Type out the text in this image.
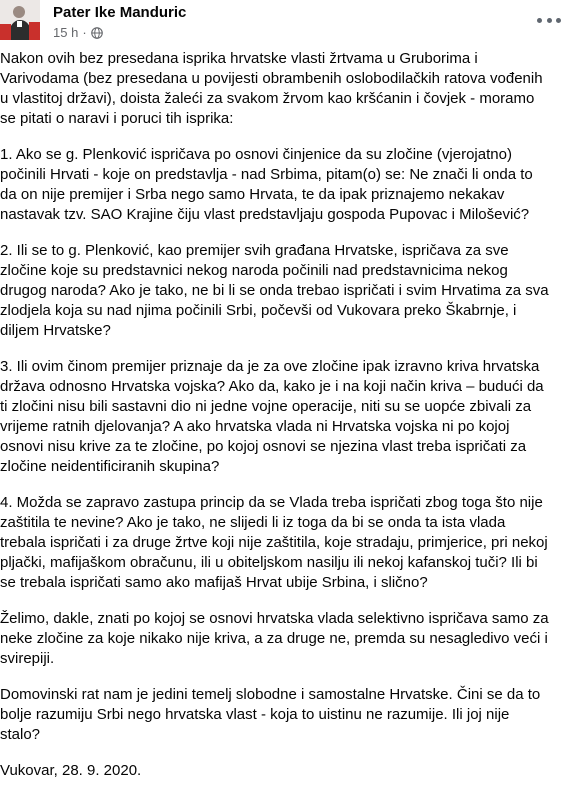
Pater Ike Manduric
15 h ·

Nakon ovih bez presedana isprika hrvatske vlasti žrtvama u Gruborima i Varivodama (bez presedana u povijesti obrambenih oslobodilačkih ratova vođenih u vlastitoj državi), doista žaleći za svakom žrvom kao kršćanin i čovjek - moramo se pitati o naravi i poruci tih isprika:

1. Ako se g. Plenković ispričava po osnovi činjenice da su zločine (vjerojatno) počinili Hrvati - koje on predstavlja - nad Srbima, pitam(o) se: Ne znači li onda to da on nije premijer i Srba nego samo Hrvata, te da ipak priznajemo nekakav nastavak tzv. SAO Krajine čiju vlast predstavljaju gospoda Pupovac i Milošević?

2. Ili se to g. Plenković, kao premijer svih građana Hrvatske, ispričava za sve zločine koje su predstavnici nekog naroda počinili nad predstavnicima nekog drugog naroda? Ako je tako, ne bi li se onda trebao ispričati i svim Hrvatima za sva zlodjela koja su nad njima počinili Srbi, počevši od Vukovara preko Škabrnje, i diljem Hrvatske?

3. Ili ovim činom premijer priznaje da je za ove zločine ipak izravno kriva hrvatska država odnosno Hrvatska vojska? Ako da, kako je i na koji način kriva – budući da ti zločini nisu bili sastavni dio ni jedne vojne operacije, niti su se uopće zbivali za vrijeme ratnih djelovanja? A ako hrvatska vlada ni Hrvatska vojska ni po kojoj osnovi nisu krive za te zločine, po kojoj osnovi se njezina vlast treba ispričati za zločine neidentificiranih skupina?

4. Možda se zapravo zastupa princip da se Vlada treba ispričati zbog toga što nije zaštitila te nevine? Ako je tako, ne slijedi li iz toga da bi se onda ta ista vlada trebala ispričati i za druge žrtve koji nije zaštitila, koje stradaju, primjerice, pri nekoj pljački, mafijaškom obračunu, ili u obiteljskom nasilju ili nekoj kafanskoj tuči? Ili bi se trebala ispričati samo ako mafijaš Hrvat ubije Srbina, i slično?

Želimo, dakle, znati po kojoj se osnovi hrvatska vlada selektivno ispričava samo za neke zločine za koje nikako nije kriva, a za druge ne, premda su nesagledivo veći i svirepiji.

Domovinski rat nam je jedini temelj slobodne i samostalne Hrvatske. Čini se da to bolje razumiju Srbi nego hrvatska vlast - koja to uistinu ne razumije. Ili joj nije stalo?

Vukovar, 28. 9. 2020.
